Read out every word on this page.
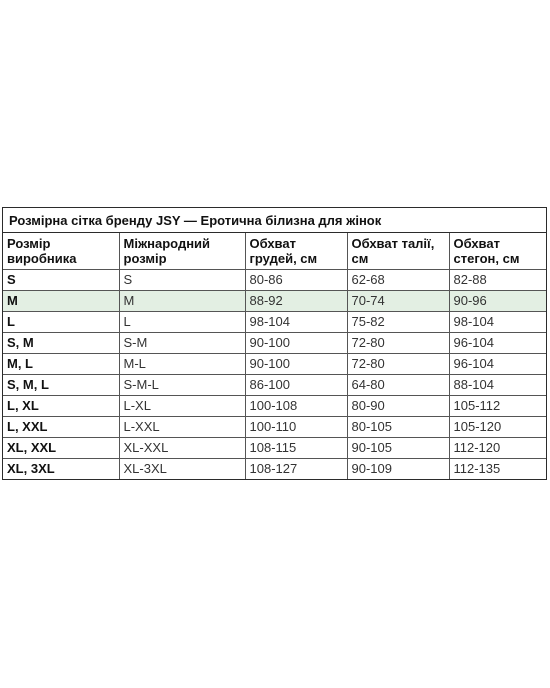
Розмірна сітка бренду JSY — Еротична білизна для жінок
Розмір виробника	Міжнародний розмір	Обхват грудей, см	Обхват талії, см	Обхват стегон, см
S	S	80-86	62-68	82-88
M	M	88-92	70-74	90-96
L	L	98-104	75-82	98-104
S, M	S-M	90-100	72-80	96-104
M, L	M-L	90-100	72-80	96-104
S, M, L	S-M-L	86-100	64-80	88-104
L, XL	L-XL	100-108	80-90	105-112
L, XXL	L-XXL	100-110	80-105	105-120
XL, XXL	XL-XXL	108-115	90-105	112-120
XL, 3XL	XL-3XL	108-127	90-109	112-135
